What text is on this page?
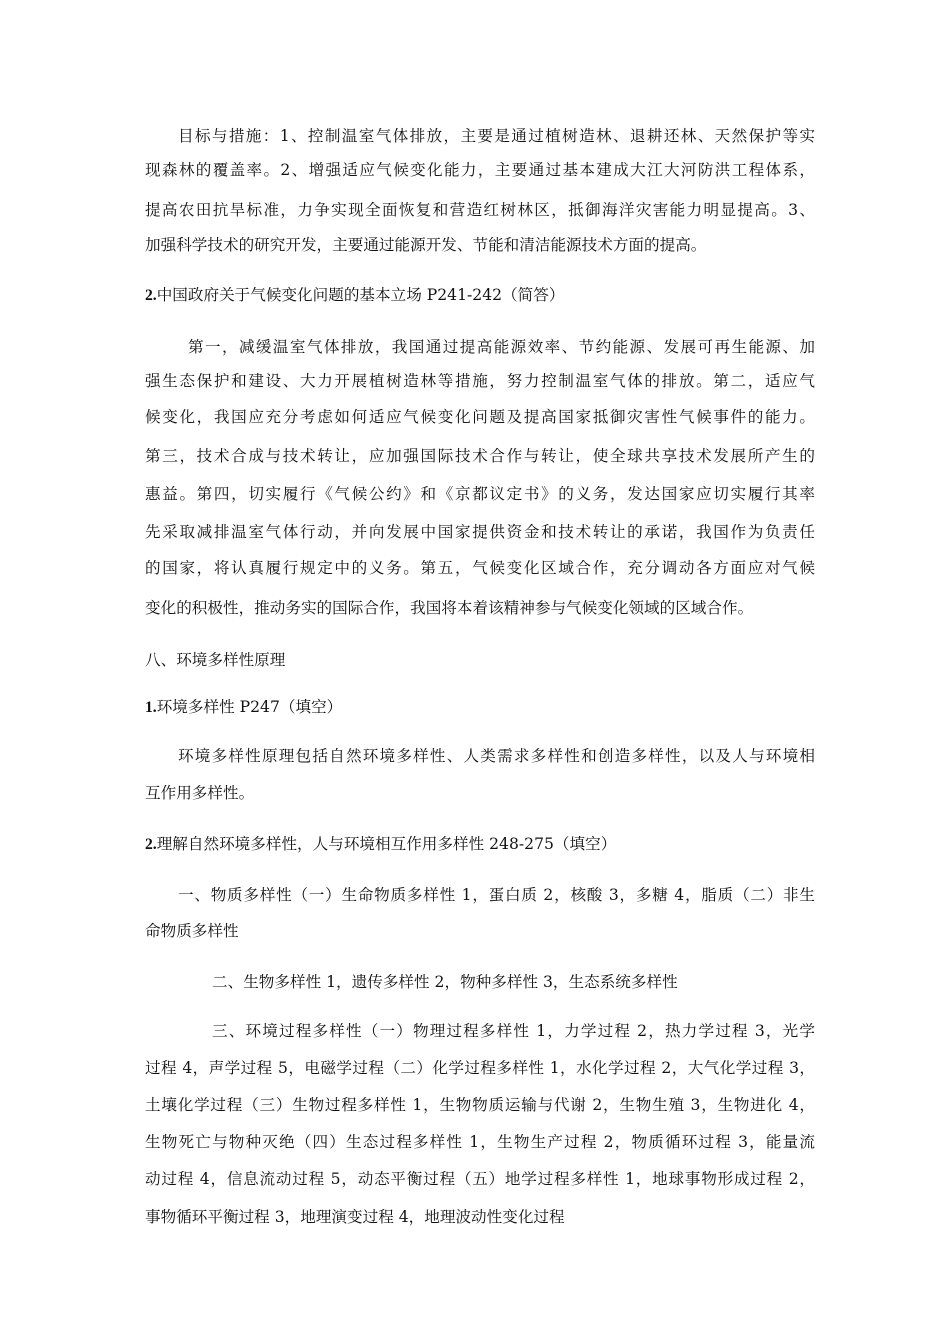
目标与措施：1、控制温室气体排放，主要是通过植树造林、退耕还林、天然保护等实
现森林的覆盖率。2、增强适应气候变化能力，主要通过基本建成大江大河防洪工程体系，
提高农田抗旱标准，力争实现全面恢复和营造红树林区，抵御海洋灾害能力明显提高。3、
加强科学技术的研究开发，主要通过能源开发、节能和清洁能源技术方面的提高。
2.中国政府关于气候变化问题的基本立场 P241-242（简答）
第一，减缓温室气体排放，我国通过提高能源效率、节约能源、发展可再生能源、加
强生态保护和建设、大力开展植树造林等措施，努力控制温室气体的排放。第二，适应气
候变化，我国应充分考虑如何适应气候变化问题及提高国家抵御灾害性气候事件的能力。
第三，技术合成与技术转让，应加强国际技术合作与转让，使全球共享技术发展所产生的
惠益。第四，切实履行《气候公约》和《京都议定书》的义务，发达国家应切实履行其率
先采取减排温室气体行动，并向发展中国家提供资金和技术转让的承诺，我国作为负责任
的国家，将认真履行规定中的义务。第五，气候变化区域合作，充分调动各方面应对气候
变化的积极性，推动务实的国际合作，我国将本着该精神参与气候变化领域的区域合作。
八、环境多样性原理
1.环境多样性 P247（填空）
环境多样性原理包括自然环境多样性、人类需求多样性和创造多样性，以及人与环境相
互作用多样性。
2.理解自然环境多样性，人与环境相互作用多样性 248-275（填空）
一、物质多样性（一）生命物质多样性 1，蛋白质 2，核酸 3，多糖 4，脂质（二）非生
命物质多样性
二、生物多样性 1，遗传多样性 2，物种多样性 3，生态系统多样性
三、环境过程多样性（一）物理过程多样性 1，力学过程 2，热力学过程 3，光学
过程 4，声学过程 5，电磁学过程（二）化学过程多样性 1，水化学过程 2，大气化学过程 3，
土壤化学过程（三）生物过程多样性 1，生物物质运输与代谢 2，生物生殖 3，生物进化 4，
生物死亡与物种灭绝（四）生态过程多样性 1，生物生产过程 2，物质循环过程 3，能量流
动过程 4，信息流动过程 5，动态平衡过程（五）地学过程多样性 1，地球事物形成过程 2，
事物循环平衡过程 3，地理演变过程 4，地理波动性变化过程
